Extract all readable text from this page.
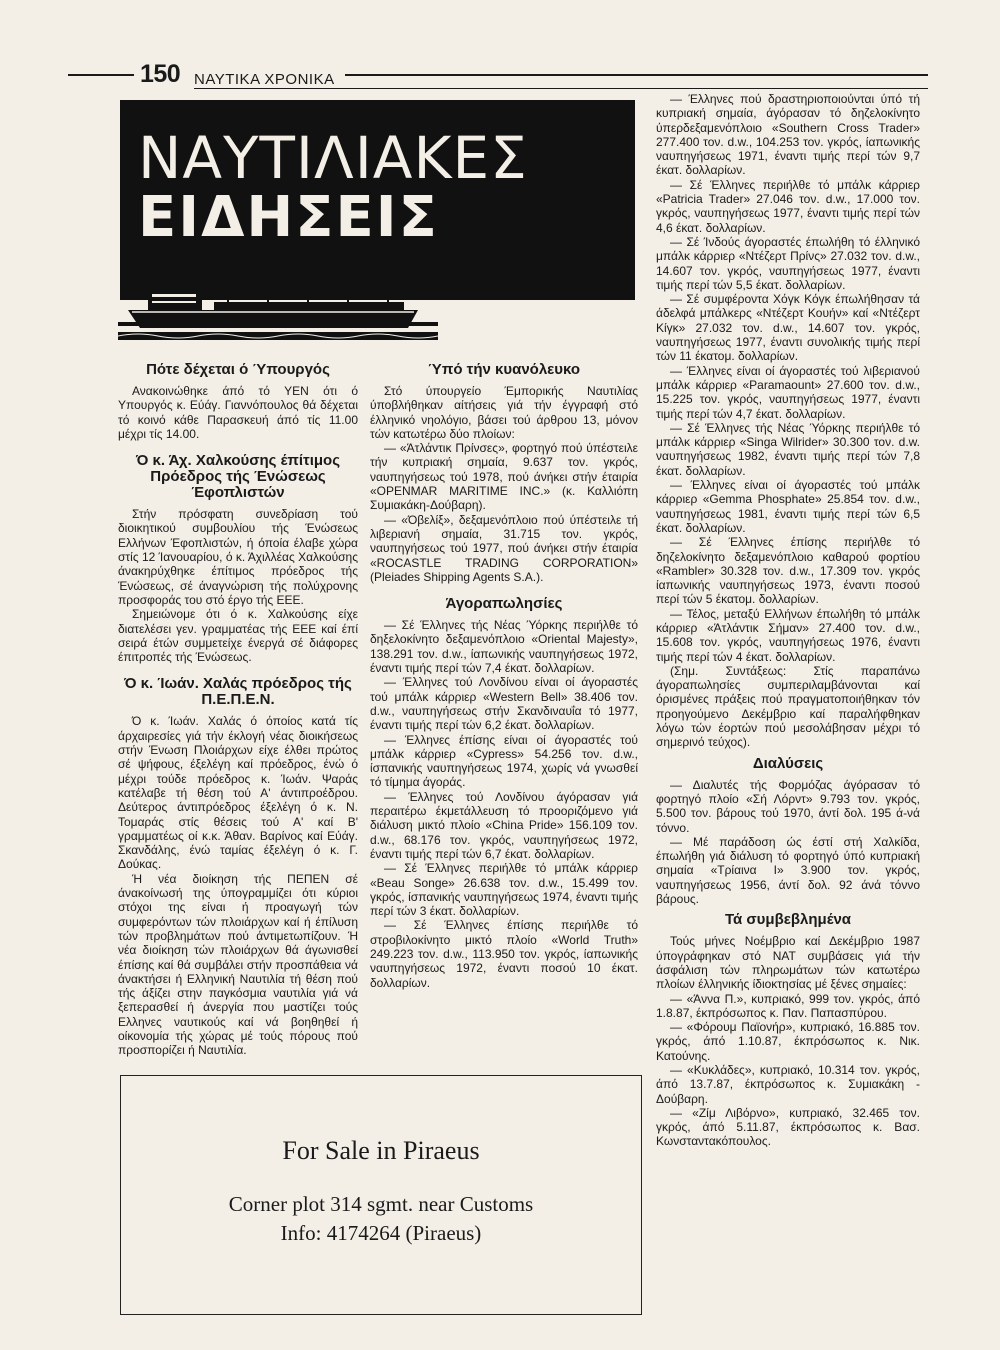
150 ΝΑΥΤΙΚΑ ΧΡΟΝΙΚΑ
ΝΑΥΤΙΛΙΑΚΕΣ
ΕΙΔΗΣΕΙΣ
Πότε δέχεται ό Ύπουργός

Ανακοινώθηκε άπό τό ΥΕΝ ότι ό Υπουργός κ. Εύάγ. Γιαννόπουλος θά δέχεται τό κοινό κάθε Παρασκευή άπό τίς 11.00 μέχρι τίς 14.00.

Ό κ. Άχ. Χαλκούσης έπίτιμος Πρόεδρος τής Ένώσεως Έφοπλιστών

Στήν πρόσφατη συνεδρίαση τού διοικητικού συμβουλίου τής Ένώσεως Ελλήνων Έφοπλιστών, ή όποία έλαβε χώρα στίς 12 Ίανουαρίου, ό κ. Άχιλλέας Χαλκούσης άνακηρύχθηκε έπίτιμος πρόεδρος τής Ένώσεως, σέ άναγνώριση τής πολύχρονης προσφοράς του στό έργο τής ΕΕΕ.

Σημειώνομε ότι ό κ. Χαλκούσης είχε διατελέσει γεν. γραμματέας τής ΕΕΕ καί έπί σειρά έτών συμμετείχε ένεργά σέ διάφορες έπιτροπές τής Ένώσεως.

Ό κ. Ίωάν. Χαλάς πρόεδρος τής Π.Ε.Π.Ε.Ν.

Ό κ. Ίωάν. Χαλάς ό όποίος κατά τίς άρχαιρεσίες γιά τήν έκλογή νέας διοικήσεως στήν Ένωση Πλοιάρχων είχε έλθει πρώτος σέ ψήφους, έξελέγη καί πρόεδρος, ένώ ό μέχρι τούδε πρόεδρος κ. Ίωάν. Ψαράς κατέλαβε τή θέση τού Α' άντιπροέδρου. Δεύτερος άντιπρόεδρος έξελέγη ό κ. Ν. Τομαράς στίς θέσεις τού Α' καί Β' γραμματέως οί κ.κ. Άθαν. Βαρίνος καί Εύάγ. Σκανδάλης, ένώ ταμίας έξελέγη ό κ. Γ. Δούκας.

Ή νέα διοίκηση τής ΠΕΠΕΝ σέ άνακοίνωσή της ύπογραμμίζει ότι κύριοι στόχοι της είναι ή προαγωγή τών συμφερόντων τών πλοιάρχων καί ή έπίλυση τών προβλημάτων πού άντιμετωπίζουν. Ή νέα διοίκηση τών πλοιάρχων θά άγωνισθεί έπίσης καί θά συμβάλει στήν προσπάθεια νά άνακτήσει ή Ελληνική Ναυτιλία τή θέση πού τής άξίζει στην παγκόσμια ναυτιλία γιά νά ξεπερασθεί ή άνεργία που μαστίζει τούς Ελληνες ναυτικούς καί νά βοηθηθεί ή οίκονομία τής χώρας μέ τούς πόρους πού προσπορίζει ή Ναυτιλία.

Ύπό τήν κυανόλευκο

Στό ύπουργείο Έμπορικής Ναυτιλίας ύποβλήθηκαν αίτήσεις γιά τήν έγγραφή στό έλληνικό νηολόγιο, βάσει τού άρθρου 13, μόνον τών κατωτέρω δύο πλοίων:

— «Άτλάντικ Πρίνσες», φορτηγό πού ύπέστειλε τήν κυπριακή σημαία, 9.637 τον. γκρός, ναυπηγήσεως τού 1978, πού άνήκει στήν έταιρία «OPENMAR MARITIME INC.» (κ. Καλλιόπη Συμιακάκη-Δούβαρη).

— «Όβελίξ», δεξαμενόπλοιο πού ύπέστειλε τή λιβεριανή σημαία, 31.715 τον. γκρός, ναυπηγήσεως τού 1977, πού άνήκει στήν έταιρία «ROCASTLE TRADING CORPORATION» (Pleiades Shipping Agents S.A.).

Άγοραπωλησίες

— Σέ Έλληνες τής Νέας Ύόρκης περιήλθε τό δηξελοκίνητο δεξαμενόπλοιο «Oriental Majesty», 138.291 τον. d.w., ίαπωνικής ναυπηγήσεως 1972, έναντι τιμής περί τών 7,4 έκατ. δολλαρίων.

— Έλληνες τού Λονδίνου είναι οί άγοραστές τού μπάλκ κάρριερ «Western Bell» 38.406 τον. d.w., ναυπηγήσεως στήν Σκανδιναυΐα τό 1977, έναντι τιμής περί τών 6,2 έκατ. δολλαρίων.

— Έλληνες έπίσης είναι οί άγοραστές τού μπάλκ κάρριερ «Cypress» 54.256 τον. d.w., ίσπανικής ναυπηγήσεως 1974, χωρίς νά γνωσθεί τό τίμημα άγοράς.

— Έλληνες τού Λονδίνου άγόρασαν γιά περαιτέρω έκμετάλλευση τό προοριζόμενο γιά διάλυση μικτό πλοίο «China Pride» 156.109 τον. d.w., 68.176 τον. γκρός, ναυπηγήσεως 1972, έναντι τιμής περί τών 6,7 έκατ. δολλαρίων.

— Σέ Έλληνες περιήλθε τό μπάλκ κάρριερ «Beau Songe» 26.638 τον. d.w., 15.499 τον. γκρός, ίσπανικής ναυπηγήσεως 1974, έναντι τιμής περί τών 3 έκατ. δολλαρίων.

— Σέ Έλληνες έπίσης περιήλθε τό στροβιλοκίνητο μικτό πλοίο «World Truth» 249.223 τον. d.w., 113.950 τον. γκρός, ίαπωνικής ναυπηγήσεως 1972, έναντι ποσού 10 έκατ. δολλαρίων.

— Έλληνες πού δραστηριοποιούνται ύπό τή κυπριακή σημαία, άγόρασαν τό δηζελοκίνητο ύπερδεξαμενόπλοιο «Southern Cross Trader» 277.400 τον. d.w., 104.253 τον. γκρός, ίαπωνικής ναυπηγήσεως 1971, έναντι τιμής περί τών 9,7 έκατ. δολλαρίων.

— Σέ Έλληνες περιήλθε τό μπάλκ κάρριερ «Patricia Trader» 27.046 τον. d.w., 17.000 τον. γκρός, ναυπηγήσεως 1977, έναντι τιμής περί τών 4,6 έκατ. δολλαρίων.

— Σέ Ίνδούς άγοραστές έπωλήθη τό έλληνικό μπάλκ κάρριερ «Ντέζερτ Πρίνς» 27.032 τον. d.w., 14.607 τον. γκρός, ναυπηγήσεως 1977, έναντι τιμής περί τών 5,5 έκατ. δολλαρίων.

— Σέ συμφέροντα Χόγκ Κόγκ έπωλήθησαν τά άδελφά μπάλκερς «Ντέζερτ Κουήν» καί «Ντέζερτ Κίγκ» 27.032 τον. d.w., 14.607 τον. γκρός, ναυπηγήσεως 1977, έναντι συνολικής τιμής περί τών 11 έκατομ. δολλαρίων.

— Έλληνες είναι οί άγοραστές τού λιβεριανού μπάλκ κάρριερ «Paramaount» 27.600 τον. d.w., 15.225 τον. γκρός, ναυπηγήσεως 1977, έναντι τιμής περί τών 4,7 έκατ. δολλαρίων.

— Σέ Έλληνες τής Νέας Ύόρκης περιήλθε τό μπάλκ κάρριερ «Singa Wilrider» 30.300 τον. d.w. ναυπηγήσεως 1982, έναντι τιμής περί τών 7,8 έκατ. δολλαρίων.

— Έλληνες είναι οί άγοραστές τού μπάλκ κάρριερ «Gemma Phosphate» 25.854 τον. d.w., ναυπηγήσεως 1981, έναντι τιμής περί τών 6,5 έκατ. δολλαρίων.

— Σέ Έλληνες έπίσης περιήλθε τό δηζελοκίνητο δεξαμενόπλοιο καθαρού φορτίου «Rambler» 30.328 τον. d.w., 17.309 τον. γκρός ίαπωνικής ναυπηγήσεως 1973, έναντι ποσού περί τών 5 έκατομ. δολλαρίων.

— Τέλος, μεταξύ Ελλήνων έπωλήθη τό μπάλκ κάρριερ «Άτλάντικ Σήμαν» 27.400 τον. d.w., 15.608 τον. γκρός, ναυπηγήσεως 1976, έναντι τιμής περί τών 4 έκατ. δολλαρίων.

(Σημ. Συντάξεως: Στίς παραπάνω άγοραπωλησίες συμπεριλαμβάνονται καί όρισμένες πράξεις πού πραγματοποιήθηκαν τόν προηγούμενο Δεκέμβριο καί παραλήφθηκαν λόγω τών έορτών πού μεσολάβησαν μέχρι τό σημερινό τεύχος).

Διαλύσεις

— Διαλυτές τής Φορμόζας άγόρασαν τό φορτηγό πλοίο «Σή Λόρντ» 9.793 τον. γκρός, 5.500 τον. βάρους τού 1970, άντί δολ. 195 ά-νά τόννο.

— Μέ παράδοση ώς έστί στή Χαλκίδα, έπωλήθη γιά διάλυση τό φορτηγό ύπό κυπριακή σημαία «Τρίαινα Ι» 3.900 τον. γκρός, ναυπηγήσεως 1956, άντί δολ. 92 άνά τόννο βάρους.

Τά συμβεβλημένα

Τούς μήνες Νοέμβριο καί Δεκέμβριο 1987 ύπογράφηκαν στό ΝΑΤ συμβάσεις γιά τήν άσφάλιση τών πληρωμάτων τών κατωτέρω πλοίων έλληνικής ίδιοκτησίας μέ ξένες σημαίες:

— «Άννα Π.», κυπριακό, 999 τον. γκρός, άπό 1.8.87, έκπρόσωπος κ. Παν. Παπασπύρου.

— «Φόρουμ Παϊονήρ», κυπριακό, 16.885 τον. γκρός, άπό 1.10.87, έκπρόσωπος κ. Νικ. Κατούνης.

— «Κυκλάδες», κυπριακό, 10.314 τον. γκρός, άπό 13.7.87, έκπρόσωπος κ. Συμιακάκη - Δούβαρη.

— «Ζίμ Λιβόρνο», κυπριακό, 32.465 τον. γκρός, άπό 5.11.87, έκπρόσωπος κ. Βασ. Κωνσταντακόπουλος.

For Sale in Piraeus
Corner plot 314 sgmt. near Customs
Info: 4174264 (Piraeus)
